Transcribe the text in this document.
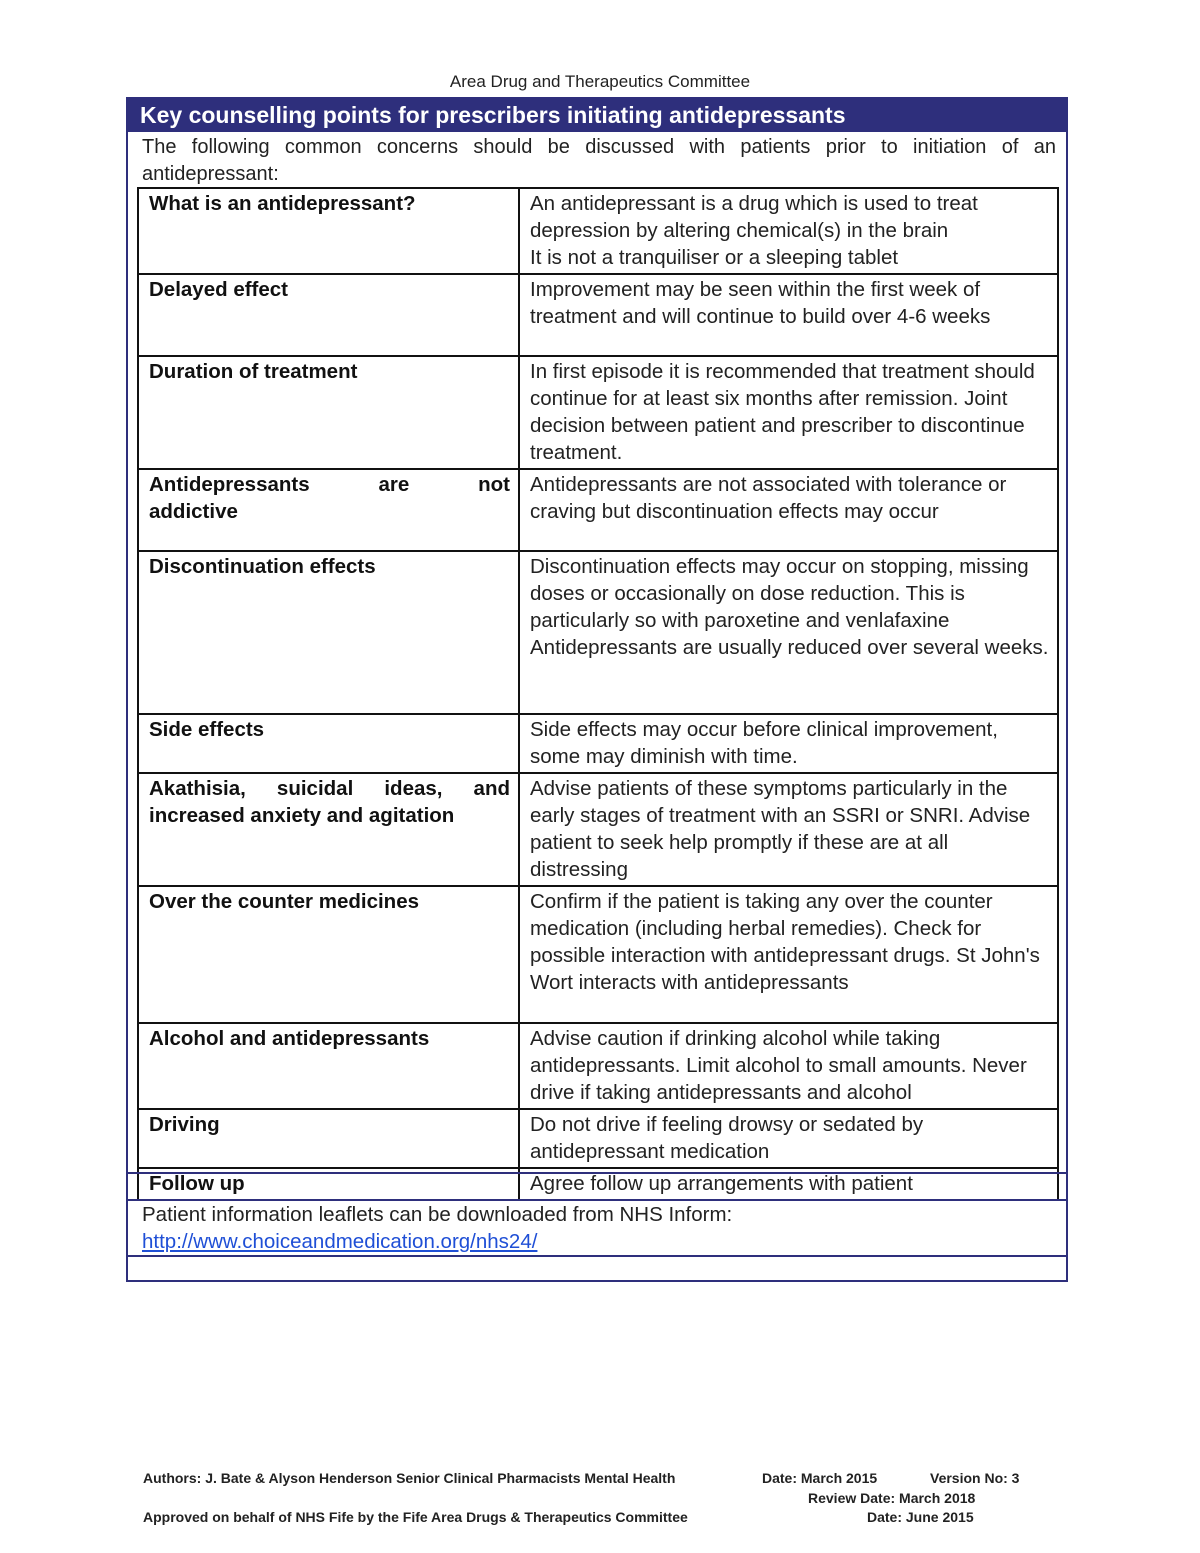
Area Drug and Therapeutics Committee
Key counselling points for prescribers initiating antidepressants
The following common concerns should be discussed with patients prior to initiation of an antidepressant:
What is an antidepressant?	An antidepressant is a drug which is used to treat depression by altering chemical(s) in the brain
It is not a tranquiliser or a sleeping tablet

Delayed effect	Improvement may be seen within the first week of treatment and will continue to build over 4-6 weeks

Duration of treatment	In first episode it is recommended that treatment should continue for at least six months after remission. Joint decision between patient and prescriber to discontinue treatment.

Antidepressants are not
addictive	Antidepressants are not associated with tolerance or craving but discontinuation effects may occur

Discontinuation effects	Discontinuation effects may occur on stopping, missing doses or occasionally on dose reduction. This is particularly so with paroxetine and venlafaxine
Antidepressants are usually reduced over several weeks.

Side effects	Side effects may occur before clinical improvement, some may diminish with time.

Akathisia, suicidal ideas, and
increased anxiety and agitation	Advise patients of these symptoms particularly in the early stages of treatment with an SSRI or SNRI. Advise patient to seek help promptly if these are at all distressing

Over the counter medicines	Confirm if the patient is taking any over the counter medication (including herbal remedies). Check for possible interaction with antidepressant drugs. St John's Wort interacts with antidepressants

Alcohol and antidepressants	Advise caution if drinking alcohol while taking antidepressants. Limit alcohol to small amounts. Never drive if taking antidepressants and alcohol

Driving	Do not drive if feeling drowsy or sedated by antidepressant medication

Follow up	Agree follow up arrangements with patient
Patient information leaflets can be downloaded from NHS Inform:
http://www.choiceandmedication.org/nhs24/
Authors: J. Bate & Alyson Henderson Senior Clinical Pharmacists Mental Health	Date: March 2015	Version No: 3
Review Date: March 2018
Approved on behalf of NHS Fife by the Fife Area Drugs & Therapeutics Committee	Date: June 2015
